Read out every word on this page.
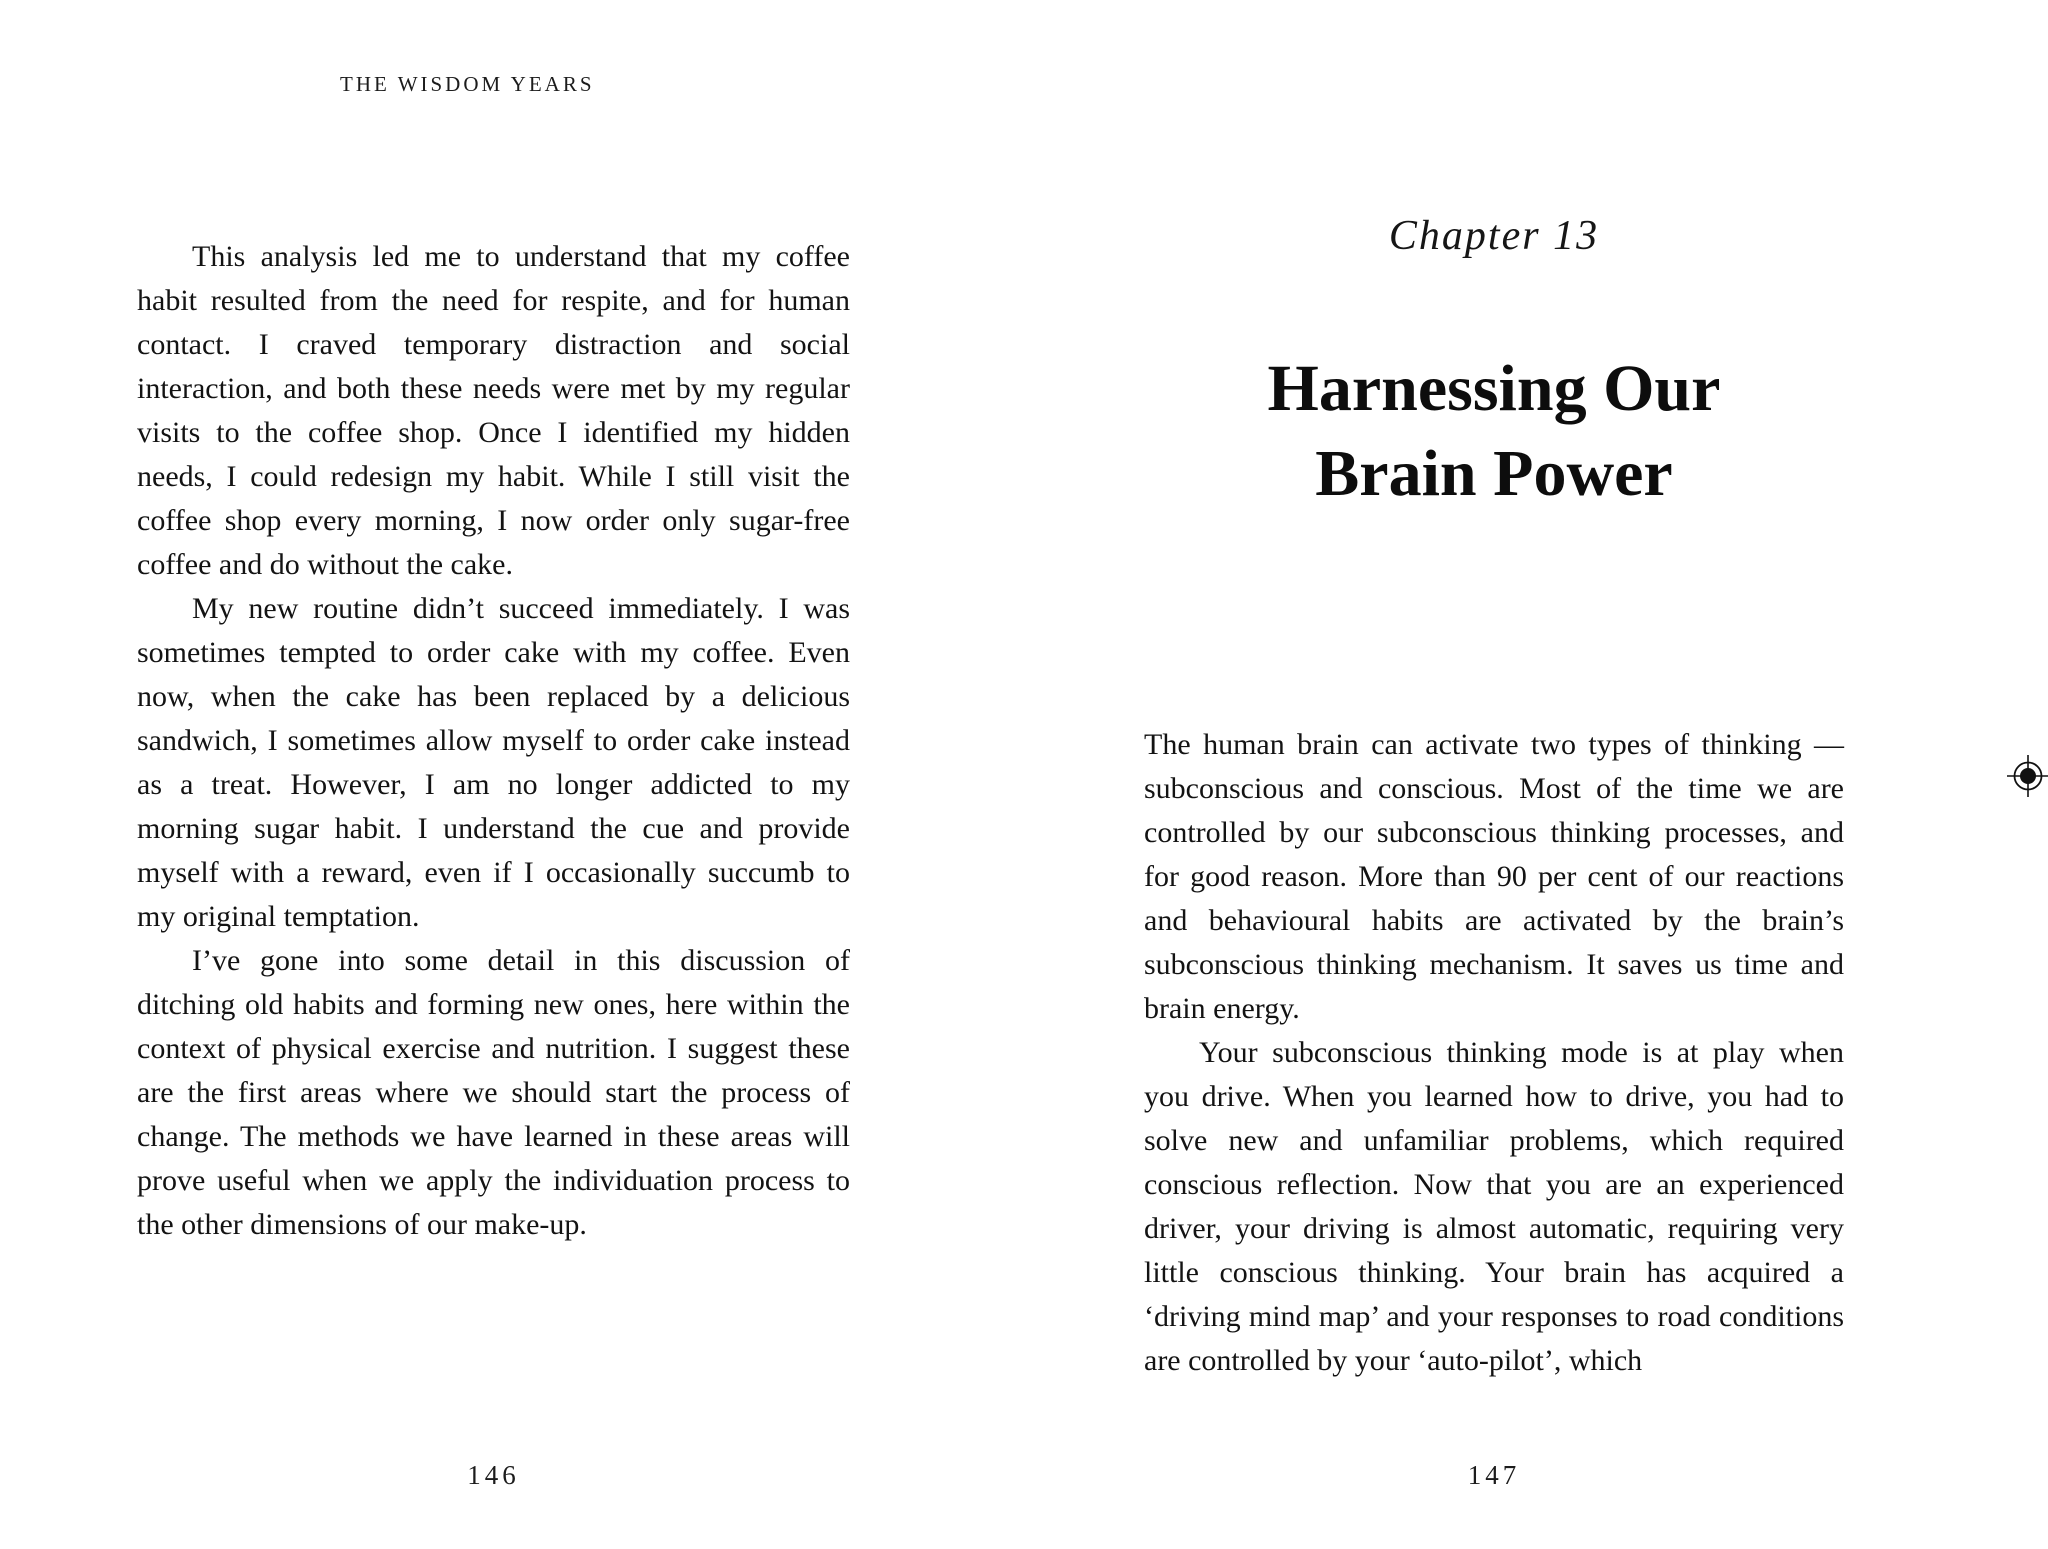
THE WISDOM YEARS

This analysis led me to understand that my coffee habit resulted from the need for respite, and for human contact. I craved temporary distraction and social interaction, and both these needs were met by my regular visits to the coffee shop. Once I identified my hidden needs, I could redesign my habit. While I still visit the coffee shop every morning, I now order only sugar-free coffee and do without the cake.

My new routine didn’t succeed immediately. I was sometimes tempted to order cake with my coffee. Even now, when the cake has been replaced by a delicious sandwich, I sometimes allow myself to order cake instead as a treat. However, I am no longer addicted to my morning sugar habit. I understand the cue and provide myself with a reward, even if I occasionally succumb to my original temptation.

I’ve gone into some detail in this discussion of ditching old habits and forming new ones, here within the context of physical exercise and nutrition. I suggest these are the first areas where we should start the process of change. The methods we have learned in these areas will prove useful when we apply the individuation process to the other dimensions of our make-up.

146
Chapter 13
Harnessing Our
Brain Power

The human brain can activate two types of thinking — subconscious and conscious. Most of the time we are controlled by our subconscious thinking processes, and for good reason. More than 90 per cent of our reactions and behavioural habits are activated by the brain’s subconscious thinking mechanism. It saves us time and brain energy.

Your subconscious thinking mode is at play when you drive. When you learned how to drive, you had to solve new and unfamiliar problems, which required conscious reflection. Now that you are an experienced driver, your driving is almost automatic, requiring very little conscious thinking. Your brain has acquired a ‘driving mind map’ and your responses to road conditions are controlled by your ‘auto-pilot’, which

147
